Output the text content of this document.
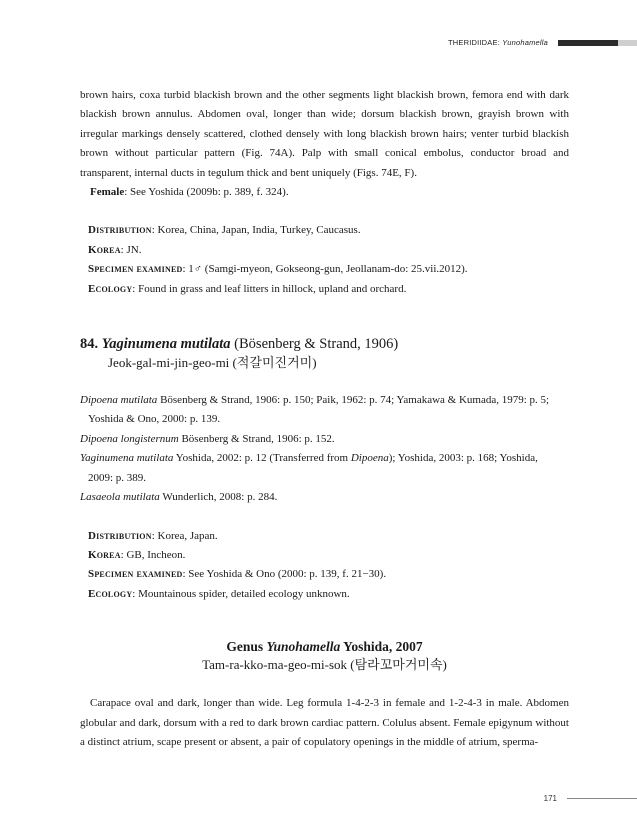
THERIDIIDAE: Yunohamella

brown hairs, coxa turbid blackish brown and the other segments light blackish brown, femora end with dark blackish brown annulus. Abdomen oval, longer than wide; dorsum blackish brown, grayish brown with irregular markings densely scattered, clothed densely with long blackish brown hairs; venter turbid blackish brown without particular pattern (Fig. 74A). Palp with small conical embolus, conductor broad and transparent, internal ducts in tegulum thick and bent uniquely (Figs. 74E, F).

Female: See Yoshida (2009b: p. 389, f. 324).
Distribution: Korea, China, Japan, India, Turkey, Caucasus.
Korea: JN.
Specimen examined: 1♂ (Samgi-myeon, Gokseong-gun, Jeollanam-do: 25.vii.2012).
Ecology: Found in grass and leaf litters in hillock, upland and orchard.
84. Yaginumena mutilata (Bösenberg & Strand, 1906)
Jeok-gal-mi-jin-geo-mi (적갈미진거미)
Dipoena mutilata Bösenberg & Strand, 1906: p. 150; Paik, 1962: p. 74; Yamakawa & Kumada, 1979: p. 5;
Yoshida & Ono, 2000: p. 139.
Dipoena longisternum Bösenberg & Strand, 1906: p. 152.
Yaginumena mutilata Yoshida, 2002: p. 12 (Transferred from Dipoena); Yoshida, 2003: p. 168; Yoshida,
2009: p. 389.
Lasaeola mutilata Wunderlich, 2008: p. 284.
Distribution: Korea, Japan.
Korea: GB, Incheon.
Specimen examined: See Yoshida & Ono (2000: p. 139, f. 21−30).
Ecology: Mountainous spider, detailed ecology unknown.
Genus Yunohamella Yoshida, 2007
Tam-ra-kko-ma-geo-mi-sok (탐라꼬마거미속)

Carapace oval and dark, longer than wide. Leg formula 1-4-2-3 in female and 1-2-4-3 in male. Abdomen globular and dark, dorsum with a red to dark brown cardiac pattern. Colulus absent. Female epigynum without a distinct atrium, scape present or absent, a pair of copulatory openings in the middle of atrium, sperma-

171
